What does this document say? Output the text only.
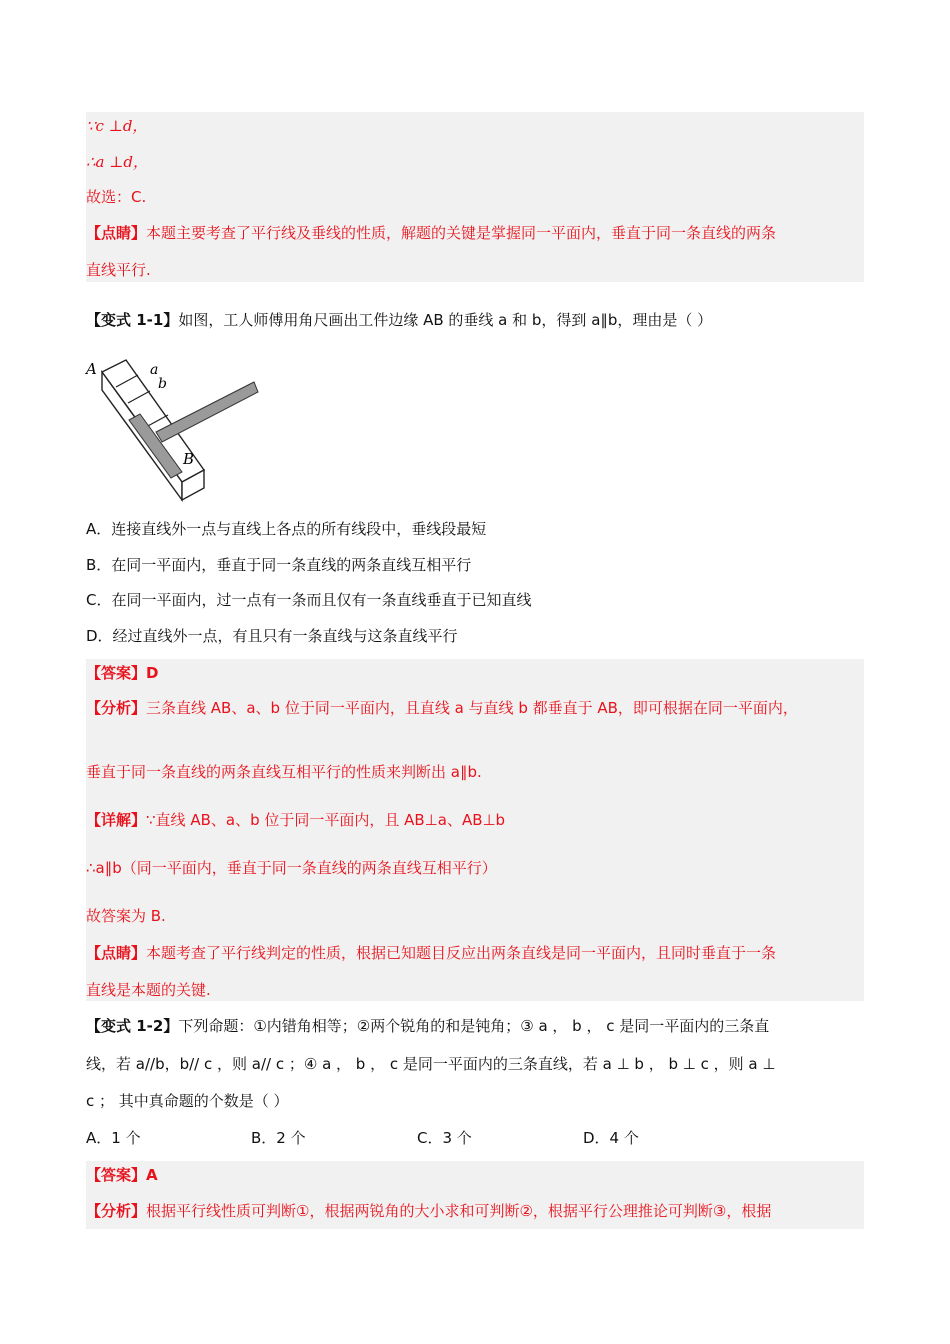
∵c ⊥d，
∴a ⊥d，
故选：C.
【点睛】本题主要考查了平行线及垂线的性质，解题的关键是掌握同一平面内，垂直于同一条直线的两条
直线平行.
【变式 1-1】如图，工人师傅用角尺画出工件边缘 AB 的垂线 a 和 b，得到 a∥b，理由是（ ）
A	a
b
B
A．连接直线外一点与直线上各点的所有线段中，垂线段最短
B．在同一平面内，垂直于同一条直线的两条直线互相平行
C．在同一平面内，过一点有一条而且仅有一条直线垂直于已知直线
D．经过直线外一点，有且只有一条直线与这条直线平行
【答案】D
【分析】三条直线 AB、a、b 位于同一平面内，且直线 a 与直线 b 都垂直于 AB，即可根据在同一平面内，
垂直于同一条直线的两条直线互相平行的性质来判断出 a∥b.
【详解】∵直线 AB、a、b 位于同一平面内，且 AB⊥a、AB⊥b
∴a∥b（同一平面内，垂直于同一条直线的两条直线互相平行）
故答案为 B.
【点睛】本题考查了平行线判定的性质，根据已知题目反应出两条直线是同一平面内，且同时垂直于一条
直线是本题的关键.
【变式 1-2】下列命题：①内错角相等；②两个锐角的和是钝角；③ a ， b ， c 是同一平面内的三条直
线，若 a//b，b// c ，则 a// c ；④ a ， b ， c 是同一平面内的三条直线，若 a ⊥ b ， b ⊥ c ，则 a ⊥
c ； 其中真命题的个数是（ ）
A．1 个	B．2 个	C．3 个	D．4 个
【答案】A
【分析】根据平行线性质可判断①，根据两锐角的大小求和可判断②，根据平行公理推论可判断③，根据
